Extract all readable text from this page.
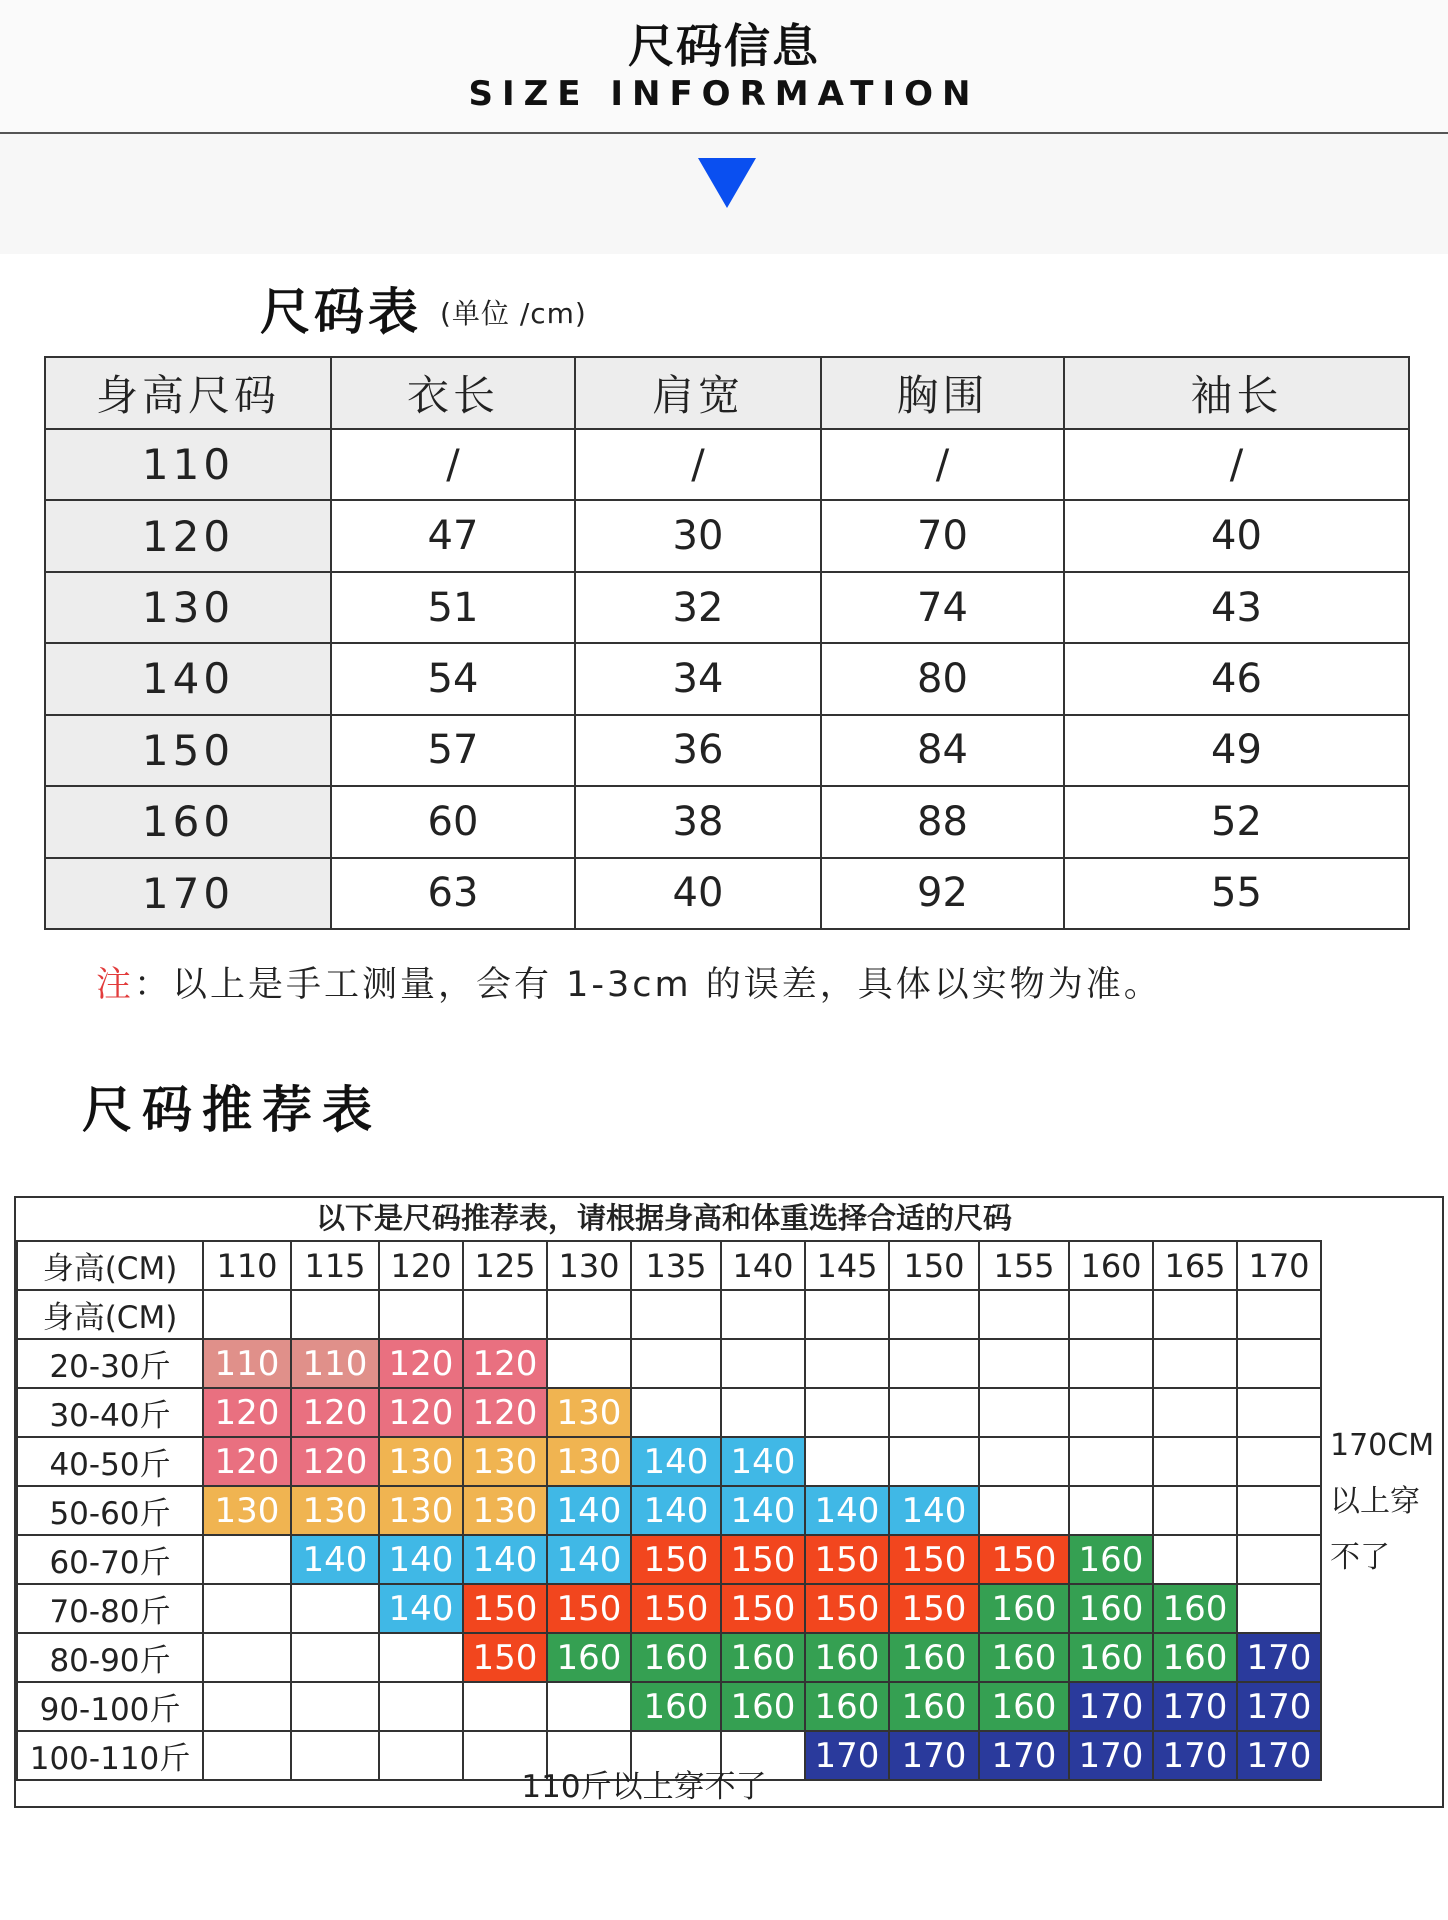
尺码信息
SIZE INFORMATION
尺码表 (单位 /cm)
身高尺码	衣长	肩宽	胸围	袖长
110	/	/	/	/
120	47	30	70	40
130	51	32	74	43
140	54	34	80	46
150	57	36	84	49
160	60	38	88	52
170	63	40	92	55
注：以上是手工测量，会有 1-3cm 的误差，具体以实物为准。
尺码推荐表
以下是尺码推荐表，请根据身高和体重选择合适的尺码
身高(CM)	110	115	120	125	130	135	140	145	150	155	160	165	170
身高(CM)													
20-30斤	110	110	120	120									
30-40斤	120	120	120	120	130								
40-50斤	120	120	130	130	130	140	140						
50-60斤	130	130	130	130	140	140	140	140	140				
60-70斤		140	140	140	140	150	150	150	150	150	160		
70-80斤			140	150	150	150	150	150	150	160	160	160	
80-90斤				150	160	160	160	160	160	160	160	160	170
90-100斤						160	160	160	160	160	170	170	170
100-110斤								170	170	170	170	170	170
170CM
以上穿
不了
110斤以上穿不了
